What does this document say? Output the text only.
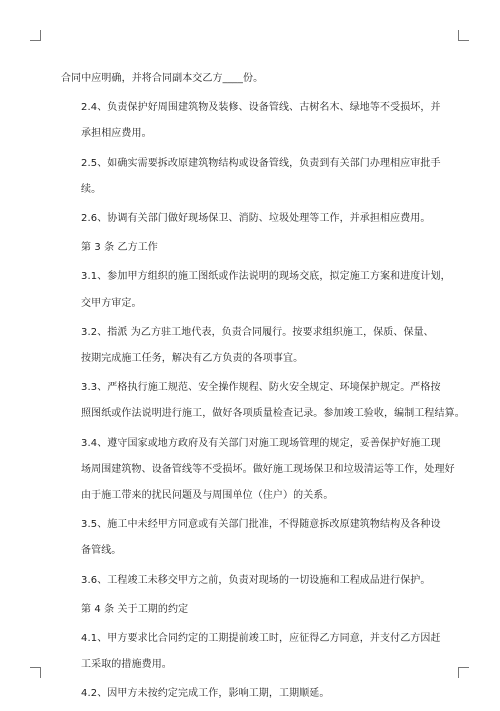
合同中应明确，并将合同副本交乙方____份。

2.4、负责保护好周围建筑物及装修、设备管线、古树名木、绿地等不受损坏，并
承担相应费用。

2.5、如确实需要拆改原建筑物结构或设备管线，负责到有关部门办理相应审批手
续。

2.6、协调有关部门做好现场保卫、消防、垃圾处理等工作，并承担相应费用。

第 3 条 乙方工作

3.1、参加甲方组织的施工图纸或作法说明的现场交底，拟定施工方案和进度计划，
交甲方审定。

3.2、指派 为乙方驻工地代表，负责合同履行。按要求组织施工，保质、保量、
按期完成施工任务，解决有乙方负责的各项事宜。

3.3、严格执行施工规范、安全操作规程、防火安全规定、环境保护规定。严格按
照图纸或作法说明进行施工，做好各项质量检查记录。参加竣工验收，编制工程结算。

3.4、遵守国家或地方政府及有关部门对施工现场管理的规定，妥善保护好施工现
场周围建筑物、设备管线等不受损坏。做好施工现场保卫和垃圾清运等工作，处理好
由于施工带来的扰民问题及与周围单位（住户）的关系。

3.5、施工中未经甲方同意或有关部门批准，不得随意拆改原建筑物结构及各种设
备管线。

3.6、工程竣工未移交甲方之前，负责对现场的一切设施和工程成品进行保护。

第 4 条 关于工期的约定

4.1、甲方要求比合同约定的工期提前竣工时，应征得乙方同意，并支付乙方因赶
工采取的措施费用。

4.2、因甲方未按约定完成工作，影响工期，工期顺延。
